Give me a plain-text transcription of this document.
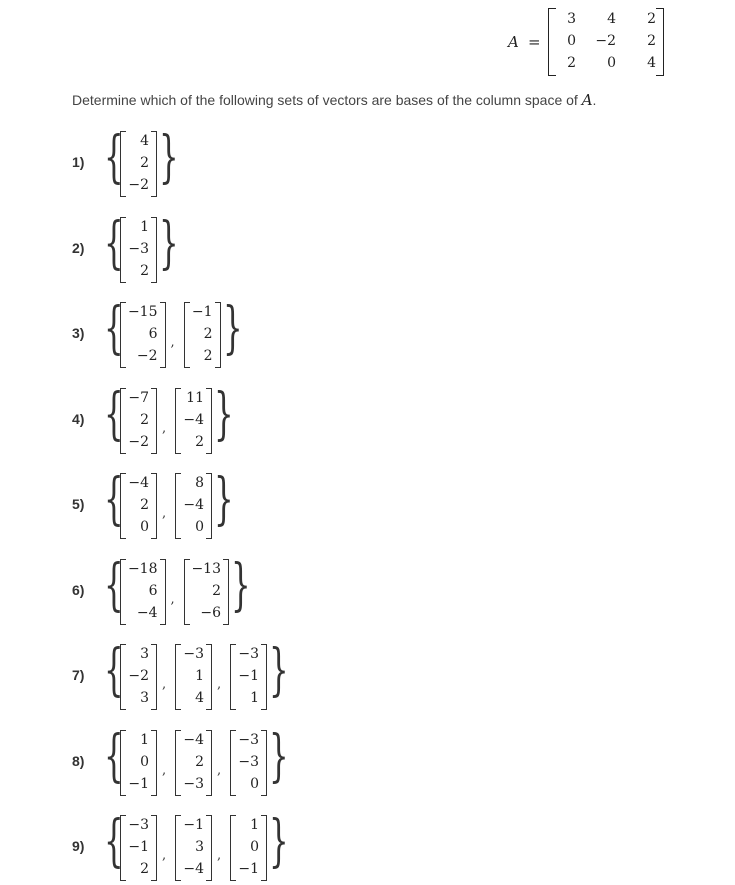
A =
3	4	2
0	−2	2
2	0	4
Determine which of the following sets of vectors are bases of the column space of A.
1) { 4
2
−2 }
2) { 1
−3
2 }
3) { −15
6
−2
,
−1
2
2 }
4) { −7
2
−2
,
11
−4
2 }
5) { −4
2
0
,
8
−4
0 }
6) { −18
6
−4
,
−13
2
−6 }
7) { 3
−2
3
,
−3
1
4
,
−3
−1
1 }
8) { 1
0
−1
,
−4
2
−3
,
−3
−3
0 }
9) { −3
−1
2
,
−1
3
−4
,
1
0
−1 }
